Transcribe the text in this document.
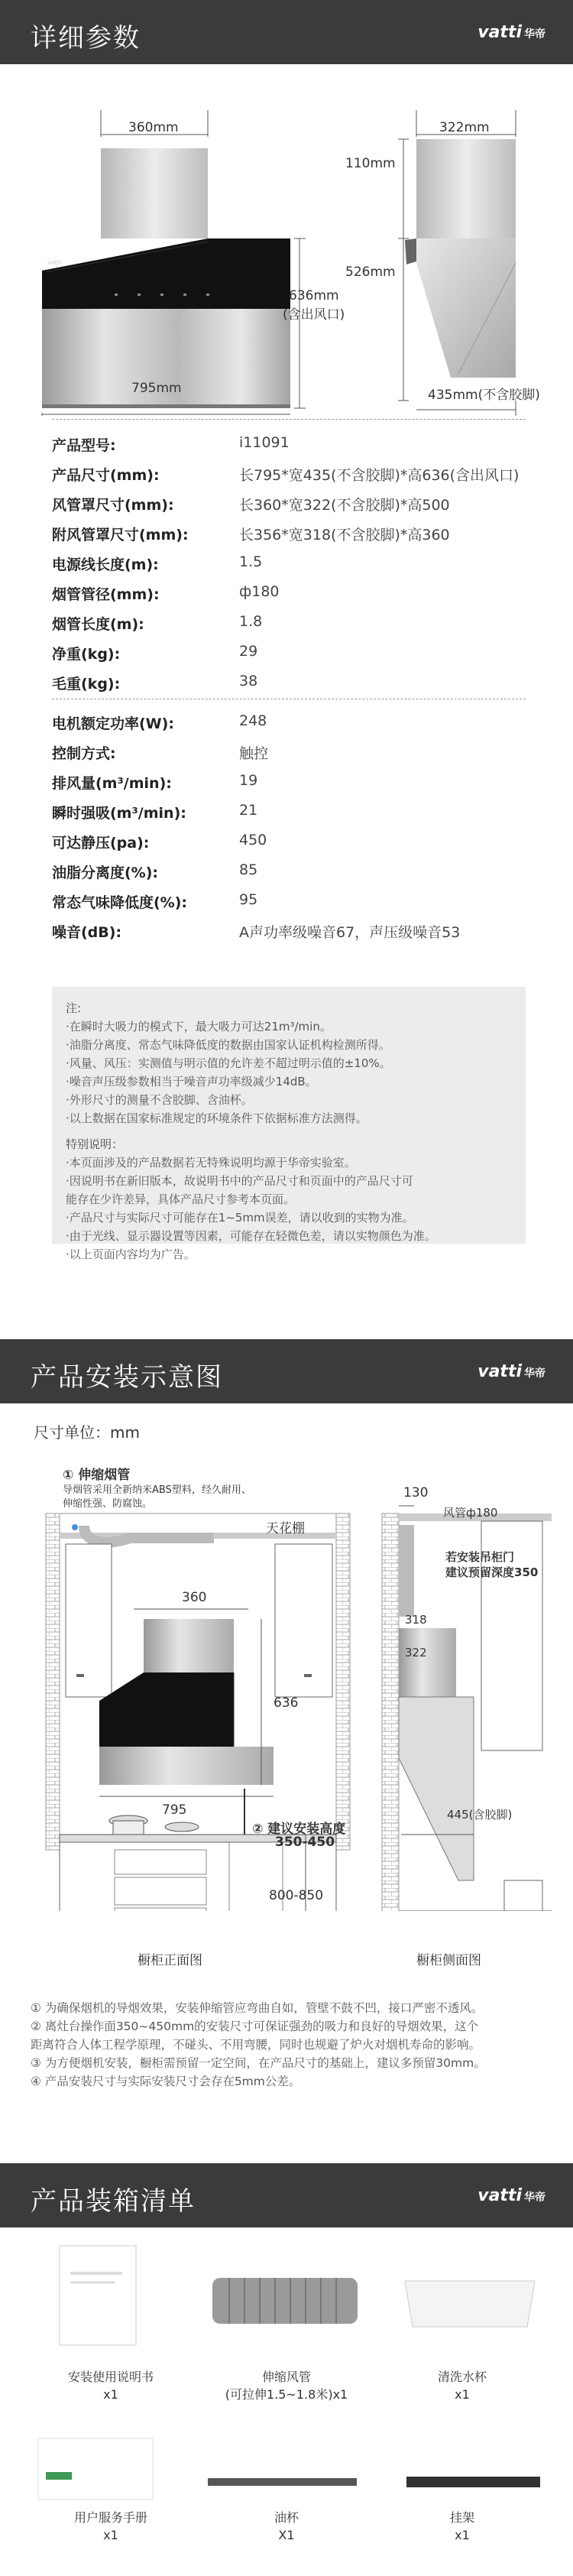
详细参数	vatti 华帝
vatti
360mm	322mm
110mm
526mm
636mm
(含出风口)
795mm	435mm(不含胶脚)
产品型号:	i11091
产品尺寸(mm):	长795*宽435(不含胶脚)*高636(含出风口)
风管罩尺寸(mm):	长360*宽322(不含胶脚)*高500
附风管罩尺寸(mm):	长356*宽318(不含胶脚)*高360
电源线长度(m):	1.5
烟管管径(mm):	ф180
烟管长度(m):	1.8
净重(kg):	29
毛重(kg):	38
电机额定功率(W):	248
控制方式:	触控
排风量(m³/min):	19
瞬时强吸(m³/min):	21
可达静压(pa):	450
油脂分离度(%):	85
常态气味降低度(%):	95
噪音(dB):	A声功率级噪音67，声压级噪音53
注:
·在瞬时大吸力的模式下，最大吸力可达21m³/min。
·油脂分离度、常态气味降低度的数据由国家认证机构检测所得。
·风量、风压：实测值与明示值的允许差不超过明示值的±10%。
·噪音声压级参数相当于噪音声功率级减少14dB。
·外形尺寸的测量不含胶脚、含油杯。
·以上数据在国家标准规定的环境条件下依据标准方法测得。
特别说明：
·本页面涉及的产品数据若无特殊说明均源于华帝实验室。
·因说明书在新旧版本，故说明书中的产品尺寸和页面中的产品尺寸可
能存在少许差异，具体产品尺寸参考本页面。
·产品尺寸与实际尺寸可能存在1~5mm误差，请以收到的实物为准。
·由于光线、显示器设置等因素，可能存在轻微色差，请以实物颜色为准。
·以上页面内容均为广告。
产品安装示意图	vatti 华帝
尺寸单位：mm
① 伸缩烟管
导烟管采用全新纳米ABS塑料，经久耐用、
伸缩性强、防腐蚀。
天花棚
360
636
795
② 建议安装高度
350-450
800-850
橱柜正面图
130
风管ф180
若安装吊柜门
建议预留深度350
318
322
445(含胶脚)
橱柜侧面图
① 为确保烟机的导烟效果，安装伸缩管应弯曲自如，管壁不鼓不凹，接口严密不透风。
② 离灶台操作面350~450mm的安装尺寸可保证强劲的吸力和良好的导烟效果，这个
距离符合人体工程学原理，不碰头、不用弯腰，同时也规避了炉火对烟机寿命的影响。
③ 为方便烟机安装，橱柜需预留一定空间，在产品尺寸的基础上，建议多预留30mm。
④ 产品安装尺寸与实际安装尺寸会存在5mm公差。
产品装箱清单	vatti 华帝
安装使用说明书
x1
伸缩风管
(可拉伸1.5~1.8米)x1
清洗水杯
x1
用户服务手册
x1
油杯
X1
挂架
x1
